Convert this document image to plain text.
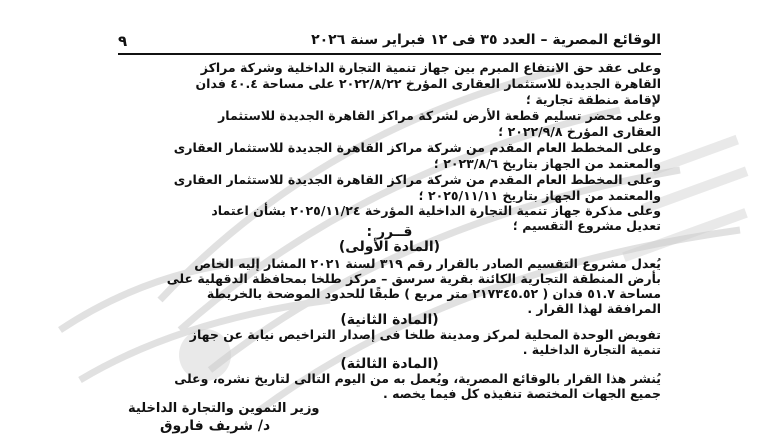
٩	الوقائع المصرية – العدد ٣٥ فى ١٢ فبراير سنة ٢٠٢٦
وعلى عقد حق الانتفاع المبرم بين جهاز تنمية التجارة الداخلية وشركة مراكز
القاهرة الجديدة للاستثمار العقارى المؤرخ ٢٠٢٢/٨/٢٢ على مساحة ٤٠.٤ فدان
لإقامة منطقة تجارية ؛
وعلى محضر تسليم قطعة الأرض لشركة مراكز القاهرة الجديدة للاستثمار
العقارى المؤرخ ٢٠٢٢/٩/٨ ؛
وعلى المخطط العام المقدم من شركة مراكز القاهرة الجديدة للاستثمار العقارى
والمعتمد من الجهاز بتاريخ ٢٠٢٣/٨/٦ ؛
وعلى المخطط العام المقدم من شركة مراكز القاهرة الجديدة للاستثمار العقارى
والمعتمد من الجهاز بتاريخ ٢٠٢٥/١١/١١ ؛
وعلى مذكرة جهاز تنمية التجارة الداخلية المؤرخة ٢٠٢٥/١١/٢٤ بشأن اعتماد
تعديل مشروع التقسيم ؛
قــرر :
(المادة الأولى)
يُعدل مشروع التقسيم الصادر بالقرار رقم ٣١٩ لسنة ٢٠٢١ المشار إليه الخاص
بأرض المنطقة التجارية الكائنة بقرية سرسق – مركز طلخا بمحافظة الدقهلية على
مساحة ٥١.٧ فدان ( ٢١٧٣٤٥.٥٢ متر مربع ) طبقًا للحدود الموضحة بالخريطة
المرافقة لهذا القرار .
(المادة الثانية)
تفويض الوحدة المحلية لمركز ومدينة طلخا فى إصدار التراخيص نيابة عن جهاز
تنمية التجارة الداخلية .
(المادة الثالثة)
يُنشر هذا القرار بالوقائع المصرية، ويُعمل به من اليوم التالى لتاريخ نشره، وعلى
جميع الجهات المختصة تنفيذه كل فيما يخصه .
وزير التموين والتجارة الداخلية
د/ شريف فاروق
